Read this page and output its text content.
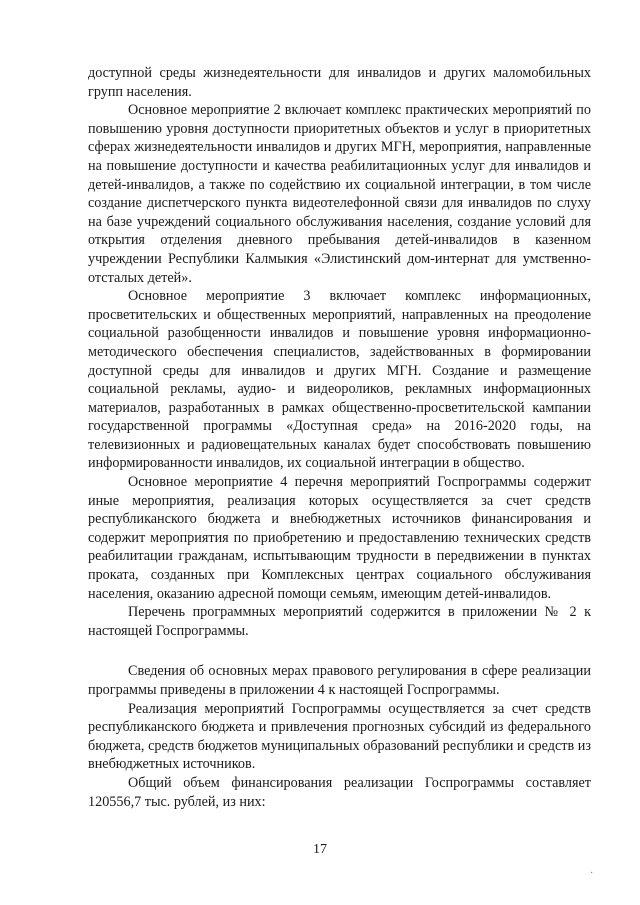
доступной среды жизнедеятельности для инвалидов и других маломобильных групп населения.

Основное мероприятие 2 включает комплекс практических мероприятий по повышению уровня доступности приоритетных объектов и услуг в приоритетных сферах жизнедеятельности инвалидов и других МГН, мероприятия, направленные на повышение доступности и качества реабилитационных услуг для инвалидов и детей-инвалидов, а также по содействию их социальной интеграции, в том числе создание диспетчерского пункта видеотелефонной связи для инвалидов по слуху на базе учреждений социального обслуживания населения, создание условий для открытия отделения дневного пребывания детей-инвалидов в казенном учреждении Республики Калмыкия «Элистинский дом-интернат для умственно-отсталых детей».

Основное мероприятие 3 включает комплекс информационных, просветительских и общественных мероприятий, направленных на преодоление социальной разобщенности инвалидов и повышение уровня информационно-методического обеспечения специалистов, задействованных в формировании доступной среды для инвалидов и других МГН. Создание и размещение социальной рекламы, аудио- и видеороликов, рекламных информационных материалов, разработанных в рамках общественно-просветительской кампании государственной программы «Доступная среда» на 2016-2020 годы, на телевизионных и радиовещательных каналах будет способствовать повышению информированности инвалидов, их социальной интеграции в общество.

Основное мероприятие 4 перечня мероприятий Госпрограммы содержит иные мероприятия, реализация которых осуществляется за счет средств республиканского бюджета и внебюджетных источников финансирования и содержит мероприятия по приобретению и предоставлению технических средств реабилитации гражданам, испытывающим трудности в передвижении в пунктах проката, созданных при Комплексных центрах социального обслуживания населения, оказанию адресной помощи семьям, имеющим детей-инвалидов.

Перечень программных мероприятий содержится в приложении № 2 к настоящей Госпрограммы.

Сведения об основных мерах правового регулирования в сфере реализации программы приведены в приложении 4 к настоящей Госпрограммы.

Реализация мероприятий Госпрограммы осуществляется за счет средств республиканского бюджета и привлечения прогнозных субсидий из федерального бюджета, средств бюджетов муниципальных образований республики и средств из внебюджетных источников.

Общий объем финансирования реализации Госпрограммы составляет 120556,7 тыс. рублей, из них:

17
·
